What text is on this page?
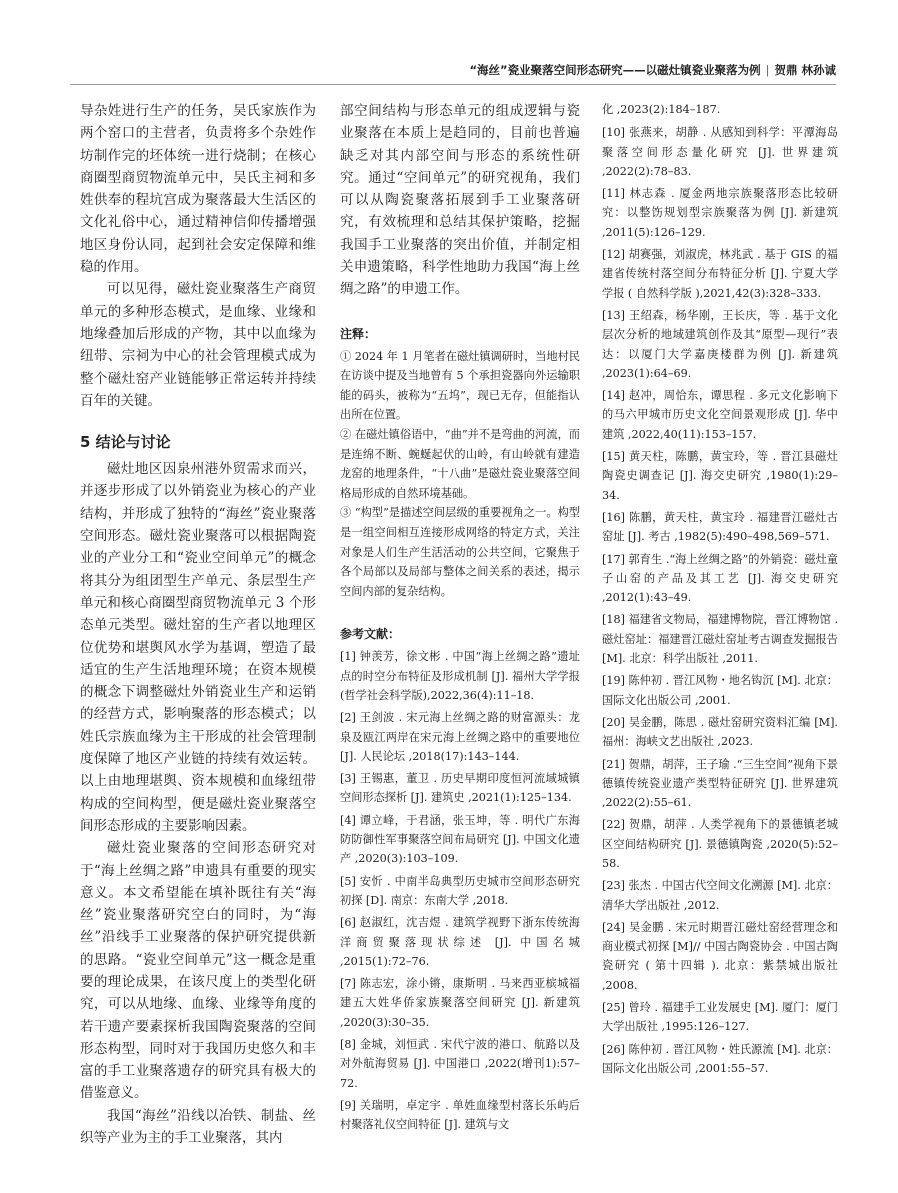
“海丝”瓷业聚落空间形态研究——以磁灶镇瓷业聚落为例 | 贺鼎 林孙诚

导杂姓进行生产的任务，吴氏家族作为两个窑口的主营者，负责将多个杂姓作坊制作完的坯体统一进行烧制；在核心商圈型商贸物流单元中，吴氏主祠和多姓供奉的程坑宫成为聚落最大生活区的文化礼俗中心，通过精神信仰传播增强地区身份认同，起到社会安定保障和维稳的作用。

可以见得，磁灶瓷业聚落生产商贸单元的多种形态模式，是血缘、业缘和地缘叠加后形成的产物，其中以血缘为纽带、宗祠为中心的社会管理模式成为整个磁灶窑产业链能够正常运转并持续百年的关键。

5 结论与讨论

磁灶地区因泉州港外贸需求而兴，并逐步形成了以外销瓷业为核心的产业结构，并形成了独特的“海丝”瓷业聚落空间形态。磁灶瓷业聚落可以根据陶瓷业的产业分工和“瓷业空间单元”的概念将其分为组团型生产单元、条层型生产单元和核心商圈型商贸物流单元 3 个形态单元类型。磁灶窑的生产者以地理区位优势和堪舆风水学为基调，塑造了最适宜的生产生活地理环境；在资本规模的概念下调整磁灶外销瓷业生产和运销的经营方式，影响聚落的形态模式；以姓氏宗族血缘为主干形成的社会管理制度保障了地区产业链的持续有效运转。以上由地理堪舆、资本规模和血缘纽带构成的空间构型，便是磁灶瓷业聚落空间形态形成的主要影响因素。

磁灶瓷业聚落的空间形态研究对于“海上丝绸之路”申遗具有重要的现实意义。本文希望能在填补既往有关“海丝”瓷业聚落研究空白的同时，为“海丝”沿线手工业聚落的保护研究提供新的思路。“瓷业空间单元”这一概念是重要的理论成果，在该尺度上的类型化研究，可以从地缘、血缘、业缘等角度的若干遗产要素探析我国陶瓷聚落的空间形态构型，同时对于我国历史悠久和丰富的手工业聚落遗存的研究具有极大的借鉴意义。

我国“海丝”沿线以冶铁、制盐、丝织等产业为主的手工业聚落，其内

部空间结构与形态单元的组成逻辑与瓷业聚落在本质上是趋同的，目前也普遍缺乏对其内部空间与形态的系统性研究。通过“空间单元”的研究视角，我们可以从陶瓷聚落拓展到手工业聚落研究，有效梳理和总结其保护策略，挖掘我国手工业聚落的突出价值，并制定相关申遗策略，科学性地助力我国“海上丝绸之路”的申遗工作。

注释：

① 2024 年 1 月笔者在磁灶镇调研时，当地村民在访谈中提及当地曾有 5 个承担瓷器向外运输职能的码头，被称为“五坞”，现已无存，但能指认出所在位置。

② 在磁灶镇俗语中，“曲”并不是弯曲的河流，而是连绵不断、蜿蜒起伏的山岭，有山岭就有建造龙窑的地理条件，“十八曲”是磁灶瓷业聚落空间格局形成的自然环境基础。

③ “构型”是描述空间层级的重要视角之一。构型是一组空间相互连接形成网络的特定方式，关注对象是人们生产生活活动的公共空间，它聚焦于各个局部以及局部与整体之间关系的表述，揭示空间内部的复杂结构。

参考文献：

[1] 钟羡芳，徐文彬 . 中国“海上丝绸之路”遗址点的时空分布特征及形成机制 [J]. 福州大学学报 (哲学社会科学版),2022,36(4):11–18.

[2] 王剑波 . 宋元海上丝绸之路的财富源头：龙泉及瓯江两岸在宋元海上丝绸之路中的重要地位 [J]. 人民论坛 ,2018(17):143–144.

[3] 王锡惠，董卫 . 历史早期印度恒河流域城镇空间形态探析 [J]. 建筑史 ,2021(1):125–134.

[4] 谭立峰，于君涵，张玉坤，等 . 明代广东海防防御性军事聚落空间布局研究 [J]. 中国文化遗产 ,2020(3):103–109.

[5] 安忻 . 中南半岛典型历史城市空间形态研究初探 [D]. 南京：东南大学 ,2018.

[6] 赵淑红，沈吉煜 . 建筑学视野下浙东传统海洋商贸聚落现状综述 [J]. 中国名城 ,2015(1):72–76.

[7] 陈志宏，涂小锵，康斯明 . 马来西亚槟城福建五大姓华侨家族聚落空间研究 [J]. 新建筑 ,2020(3):30–35.

[8] 金城，刘恒武 . 宋代宁波的港口、航路以及对外航海贸易 [J]. 中国港口 ,2022(增刊1):57–72.

[9] 关瑞明，卓定宇 . 单姓血缘型村落长乐屿后村聚落礼仪空间特征 [J]. 建筑与文

化 ,2023(2):184–187.

[10] 张燕来，胡静 . 从感知到科学：平潭海岛聚落空间形态量化研究 [J]. 世界建筑 ,2022(2):78–83.

[11] 林志森 . 厦金两地宗族聚落形态比较研究：以整饬规划型宗族聚落为例 [J]. 新建筑 ,2011(5):126–129.

[12] 胡赛强，刘淑虎，林兆武 . 基于 GIS 的福建省传统村落空间分布特征分析 [J]. 宁夏大学学报 ( 自然科学版 ),2021,42(3):328–333.

[13] 王绍森，杨华刚，王长庆，等 . 基于文化层次分析的地域建筑创作及其“原型—现行”表达：以厦门大学嘉庚楼群为例 [J]. 新建筑 ,2023(1):64–69.

[14] 赵冲，周恰东，谭思程 . 多元文化影响下的马六甲城市历史文化空间景观形成 [J]. 华中建筑 ,2022,40(11):153–157.

[15] 黄天柱，陈鹏，黄宝玲，等 . 晋江县磁灶陶瓷史调查记 [J]. 海交史研究 ,1980(1):29–34.

[16] 陈鹏，黄天柱，黄宝玲 . 福建晋江磁灶古窑址 [J]. 考古 ,1982(5):490–498,569–571.

[17] 郭育生 .“海上丝绸之路”的外销瓷：磁灶童子山窑的产品及其工艺 [J]. 海交史研究 ,2012(1):43–49.

[18] 福建省文物局，福建博物院，晋江博物馆 . 磁灶窑址：福建晋江磁灶窑址考古调查发掘报告 [M]. 北京：科学出版社 ,2011.

[19] 陈仲初 . 晋江风物・地名钩沉 [M]. 北京：国际文化出版公司 ,2001.

[20] 吴金鹏，陈思 . 磁灶窑研究资料汇编 [M]. 福州：海峡文艺出版社 ,2023.

[21] 贺鼎，胡萍，王子瑜 .“三生空间”视角下景德镇传统瓷业遗产类型特征研究 [J]. 世界建筑 ,2022(2):55–61.

[22] 贺鼎，胡萍 . 人类学视角下的景德镇老城区空间结构研究 [J]. 景德镇陶瓷 ,2020(5):52–58.

[23] 张杰 . 中国古代空间文化溯源 [M]. 北京：清华大学出版社 ,2012.

[24] 吴金鹏 . 宋元时期晋江磁灶窑经营理念和商业模式初探 [M]// 中国古陶瓷协会 . 中国古陶瓷研究 ( 第十四辑 ). 北京：紫禁城出版社 ,2008.

[25] 曾玲 . 福建手工业发展史 [M]. 厦门：厦门大学出版社 ,1995:126–127.

[26] 陈仲初 . 晋江风物・姓氏源流 [M]. 北京：国际文化出版公司 ,2001:55–57.
